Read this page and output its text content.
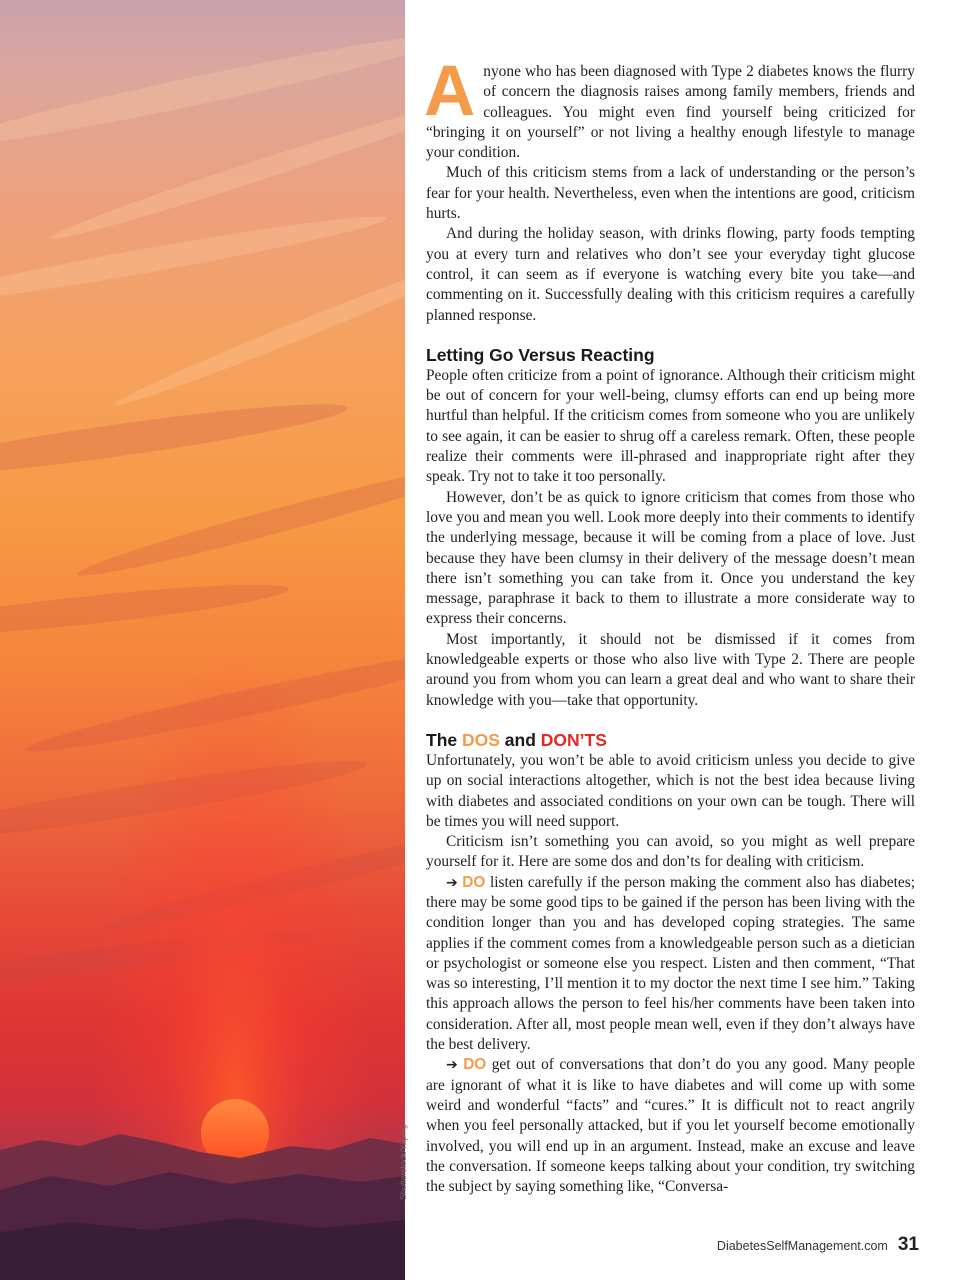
Shutterstock/Yaping

Anyone who has been diagnosed with Type 2 diabetes knows the flurry of concern the diagnosis raises among family members, friends and colleagues. You might even find yourself being criticized for “bringing it on yourself” or not living a healthy enough lifestyle to manage your condition.

Much of this criticism stems from a lack of understanding or the person’s fear for your health. Nevertheless, even when the intentions are good, criticism hurts.

And during the holiday season, with drinks flowing, party foods tempting you at every turn and relatives who don’t see your everyday tight glucose control, it can seem as if everyone is watching every bite you take—and commenting on it. Successfully dealing with this criticism requires a carefully planned response.

Letting Go Versus Reacting

People often criticize from a point of ignorance. Although their criticism might be out of concern for your well-being, clumsy efforts can end up being more hurtful than helpful. If the criticism comes from someone who you are unlikely to see again, it can be easier to shrug off a careless remark. Often, these people realize their comments were ill-phrased and inappropriate right after they speak. Try not to take it too personally.

However, don’t be as quick to ignore criticism that comes from those who love you and mean you well. Look more deeply into their comments to identify the underlying message, because it will be coming from a place of love. Just because they have been clumsy in their delivery of the message doesn’t mean there isn’t something you can take from it. Once you understand the key message, paraphrase it back to them to illustrate a more considerate way to express their concerns.

Most importantly, it should not be dismissed if it comes from knowledgeable experts or those who also live with Type 2. There are people around you from whom you can learn a great deal and who want to share their knowledge with you—take that opportunity.

The DOS and DON’TS

Unfortunately, you won’t be able to avoid criticism unless you decide to give up on social interactions altogether, which is not the best idea because living with diabetes and associated conditions on your own can be tough. There will be times you will need support.

Criticism isn’t something you can avoid, so you might as well prepare yourself for it. Here are some dos and don’ts for dealing with criticism.

➔ DO listen carefully if the person making the comment also has diabetes; there may be some good tips to be gained if the person has been living with the condition longer than you and has developed coping strategies. The same applies if the comment comes from a knowledgeable person such as a dietician or psychologist or someone else you respect. Listen and then comment, “That was so interesting, I’ll mention it to my doctor the next time I see him.” Taking this approach allows the person to feel his/her comments have been taken into consideration. After all, most people mean well, even if they don’t always have the best delivery.

➔ DO get out of conversations that don’t do you any good. Many people are ignorant of what it is like to have diabetes and will come up with some weird and wonderful “facts” and “cures.” It is difficult not to react angrily when you feel personally attacked, but if you let yourself become emotionally involved, you will end up in an argument. Instead, make an excuse and leave the conversation. If someone keeps talking about your condition, try switching the subject by saying something like, “Conversa-

DiabetesSelfManagement.com 31
